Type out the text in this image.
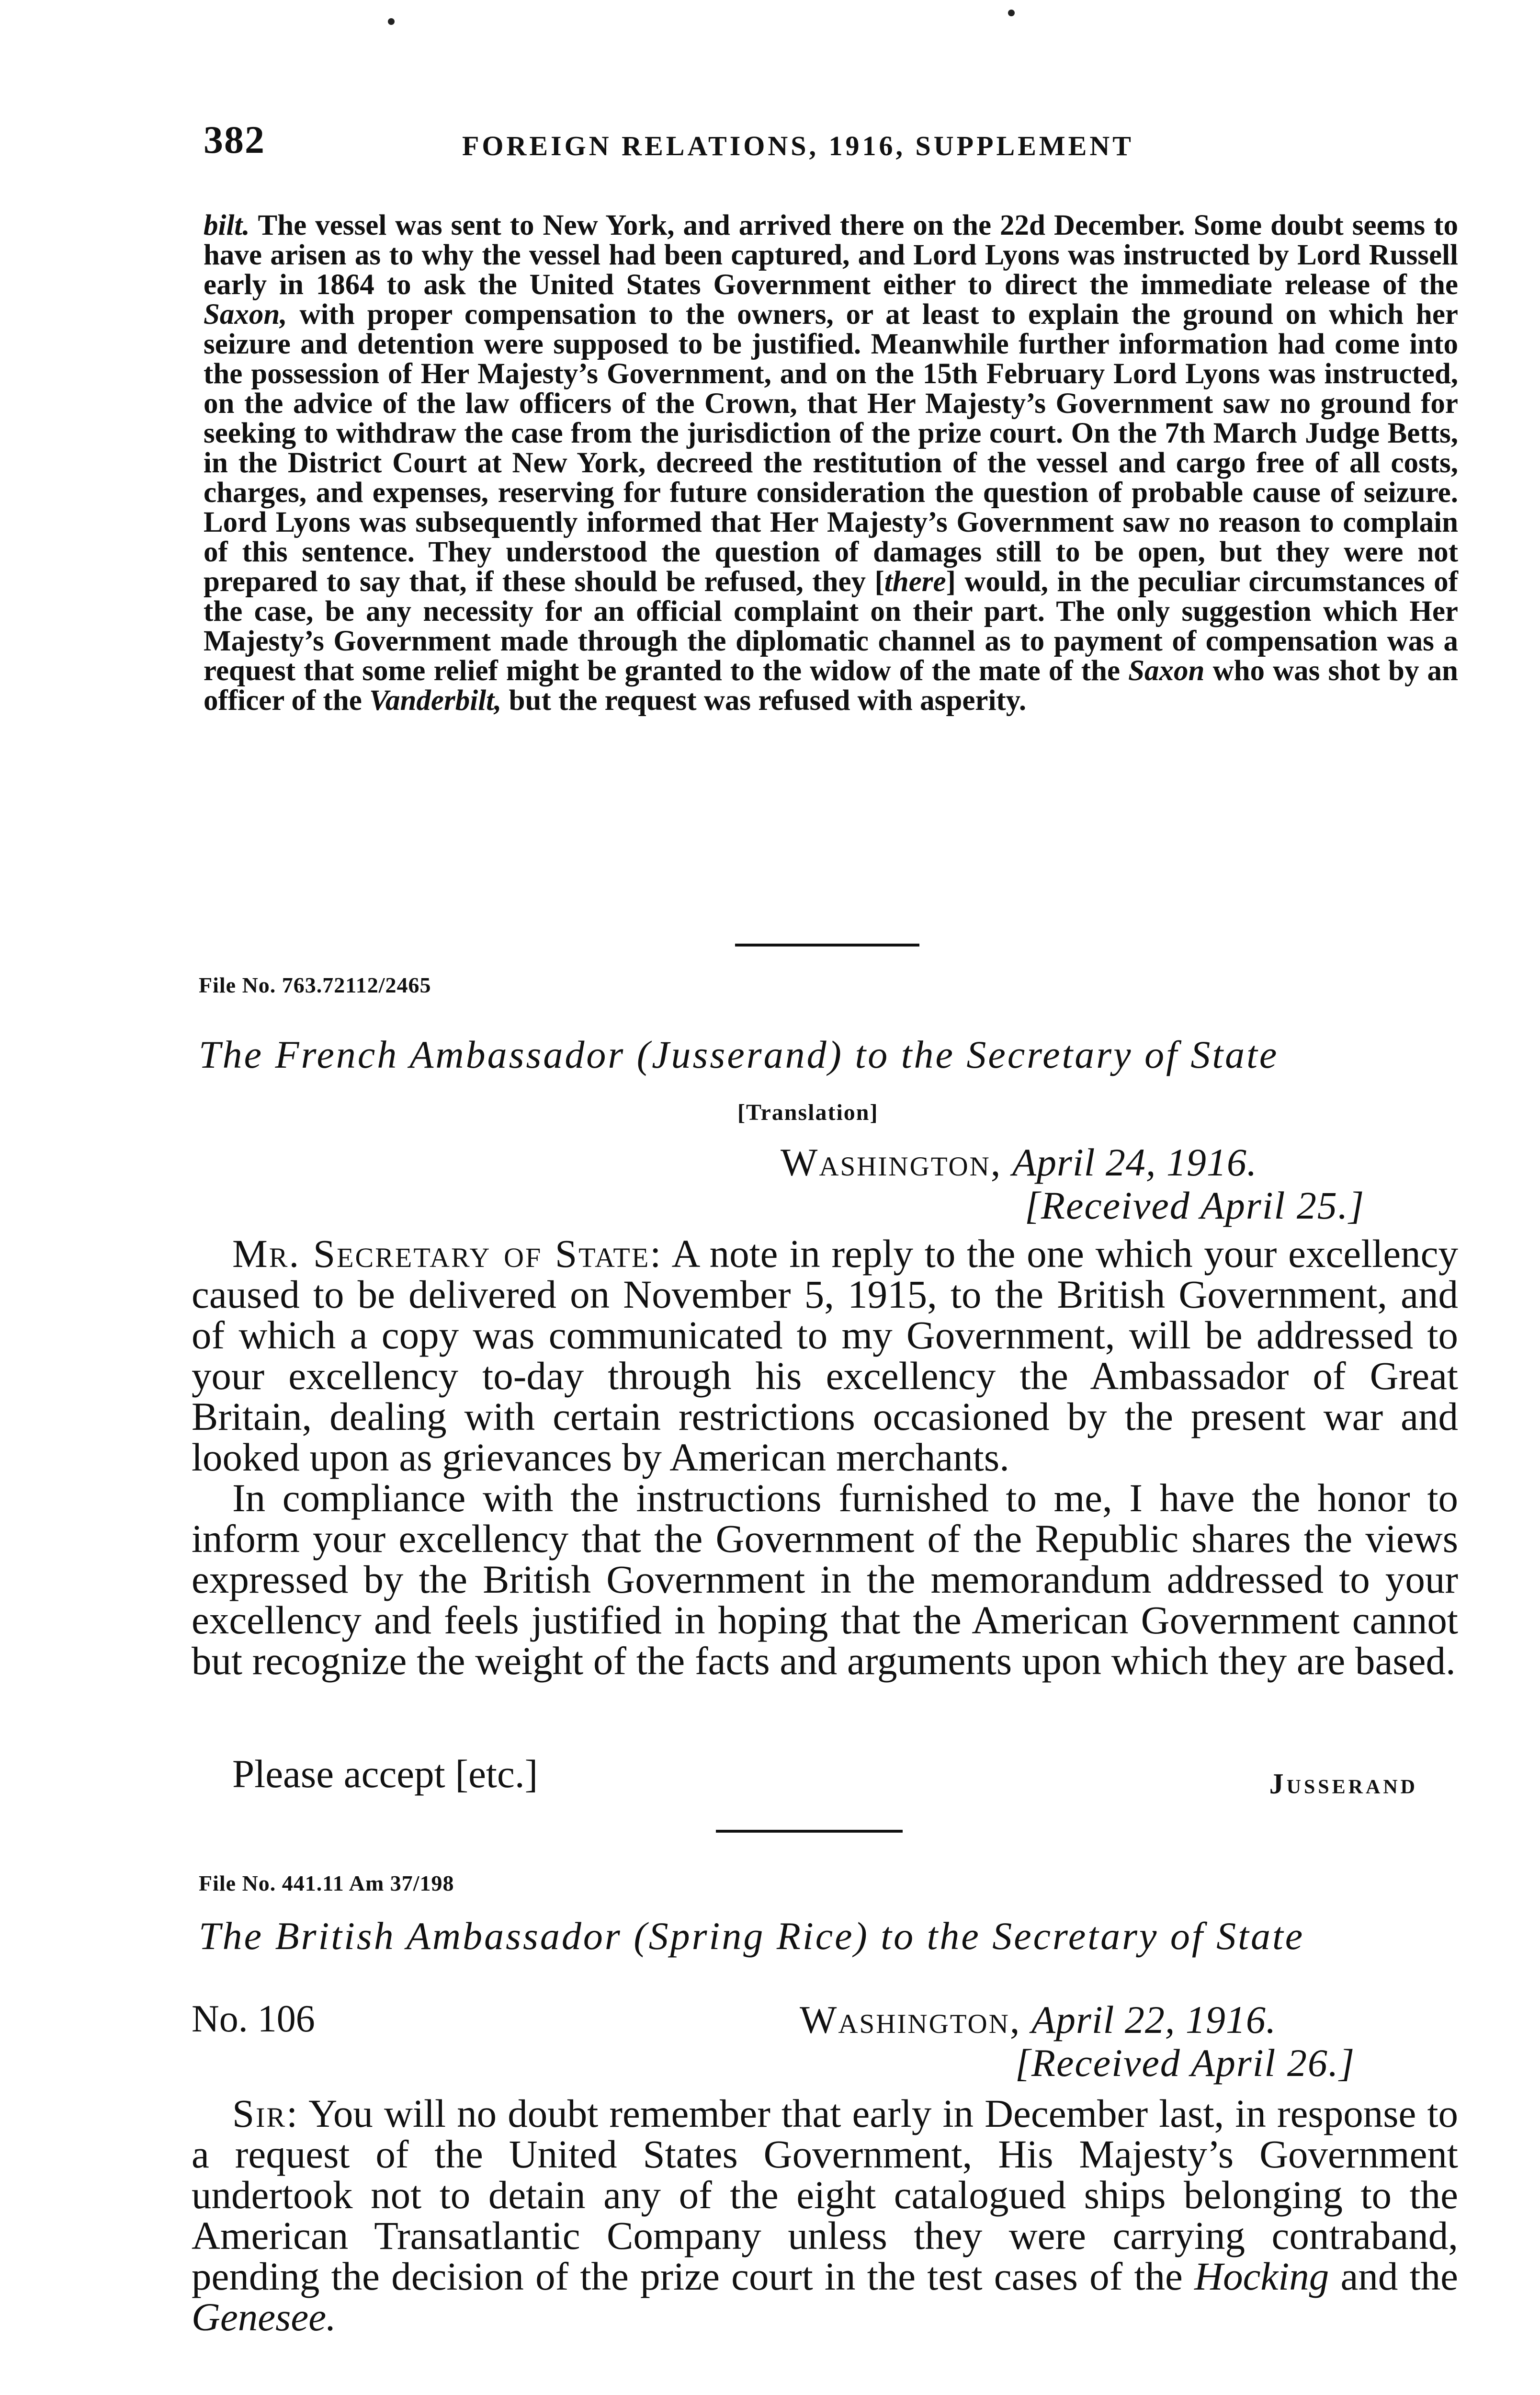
382	FOREIGN RELATIONS, 1916, SUPPLEMENT

bilt. The vessel was sent to New York, and arrived there on the 22d December. Some doubt seems to have arisen as to why the vessel had been captured, and Lord Lyons was instructed by Lord Russell early in 1864 to ask the United States Government either to direct the immediate release of the Saxon, with proper compensation to the owners, or at least to explain the ground on which her seizure and detention were supposed to be justified. Meanwhile further information had come into the possession of Her Majesty’s Government, and on the 15th February Lord Lyons was instructed, on the advice of the law officers of the Crown, that Her Majesty’s Government saw no ground for seeking to withdraw the case from the jurisdiction of the prize court. On the 7th March Judge Betts, in the District Court at New York, decreed the restitution of the vessel and cargo free of all costs, charges, and expenses, reserving for future consideration the question of probable cause of seizure. Lord Lyons was subsequently informed that Her Majesty’s Government saw no reason to complain of this sentence. They understood the question of damages still to be open, but they were not prepared to say that, if these should be refused, they [there] would, in the peculiar circumstances of the case, be any necessity for an official complaint on their part. The only suggestion which Her Majesty’s Government made through the diplomatic channel as to payment of compensation was a request that some relief might be granted to the widow of the mate of the Saxon who was shot by an officer of the Vanderbilt, but the request was refused with asperity.

File No. 763.72112/2465
The French Ambassador (Jusserand) to the Secretary of State
[Translation]
Washington, April 24, 1916.
[Received April 25.]

Mr. Secretary of State: A note in reply to the one which your excellency caused to be delivered on November 5, 1915, to the British Government, and of which a copy was communicated to my Government, will be addressed to your excellency to-day through his excellency the Ambassador of Great Britain, dealing with certain restrictions occasioned by the present war and looked upon as grievances by American merchants.

In compliance with the instructions furnished to me, I have the honor to inform your excellency that the Government of the Republic shares the views expressed by the British Government in the memorandum addressed to your excellency and feels justified in hoping that the American Government cannot but recognize the weight of the facts and arguments upon which they are based.

Please accept [etc.]	Jusserand
File No. 441.11 Am 37/198
The British Ambassador (Spring Rice) to the Secretary of State
No. 106	Washington, April 22, 1916.
[Received April 26.]

Sir: You will no doubt remember that early in December last, in response to a request of the United States Government, His Majesty’s Government undertook not to detain any of the eight catalogued ships belonging to the American Transatlantic Company unless they were carrying contraband, pending the decision of the prize court in the test cases of the Hocking and the Genesee.
